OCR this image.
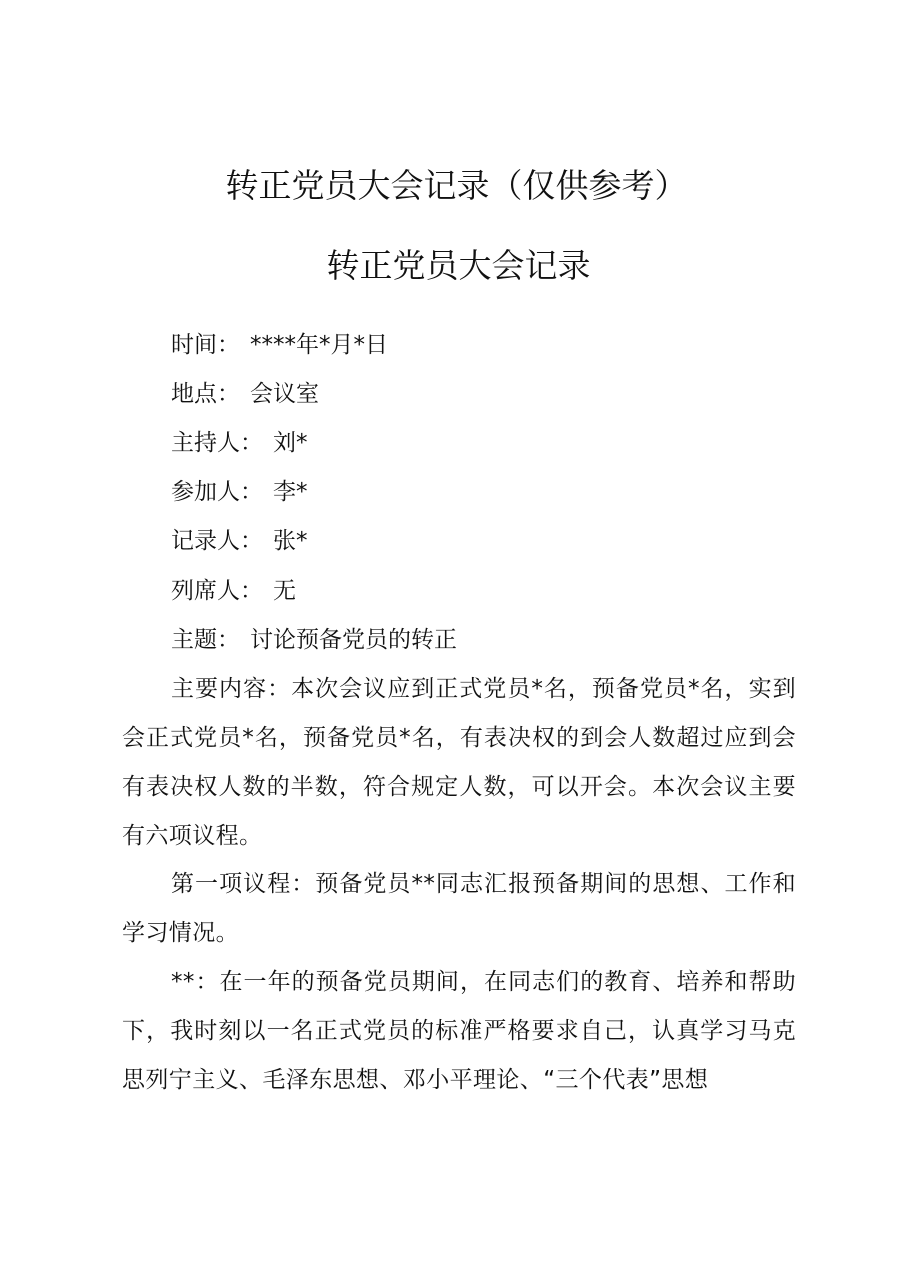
转正党员大会记录（仅供参考）
转正党员大会记录
时间： ****年*月*日
地点： 会议室
主持人： 刘*
参加人： 李*
记录人： 张*
列席人： 无
主题： 讨论预备党员的转正

主要内容：本次会议应到正式党员*名，预备党员*名，实到会正式党员*名，预备党员*名，有表决权的到会人数超过应到会有表决权人数的半数，符合规定人数，可以开会。本次会议主要有六项议程。

第一项议程：预备党员**同志汇报预备期间的思想、工作和学习情况。

**：在一年的预备党员期间，在同志们的教育、培养和帮助下，我时刻以一名正式党员的标准严格要求自己，认真学习马克思列宁主义、毛泽东思想、邓小平理论、“三个代表”思想
